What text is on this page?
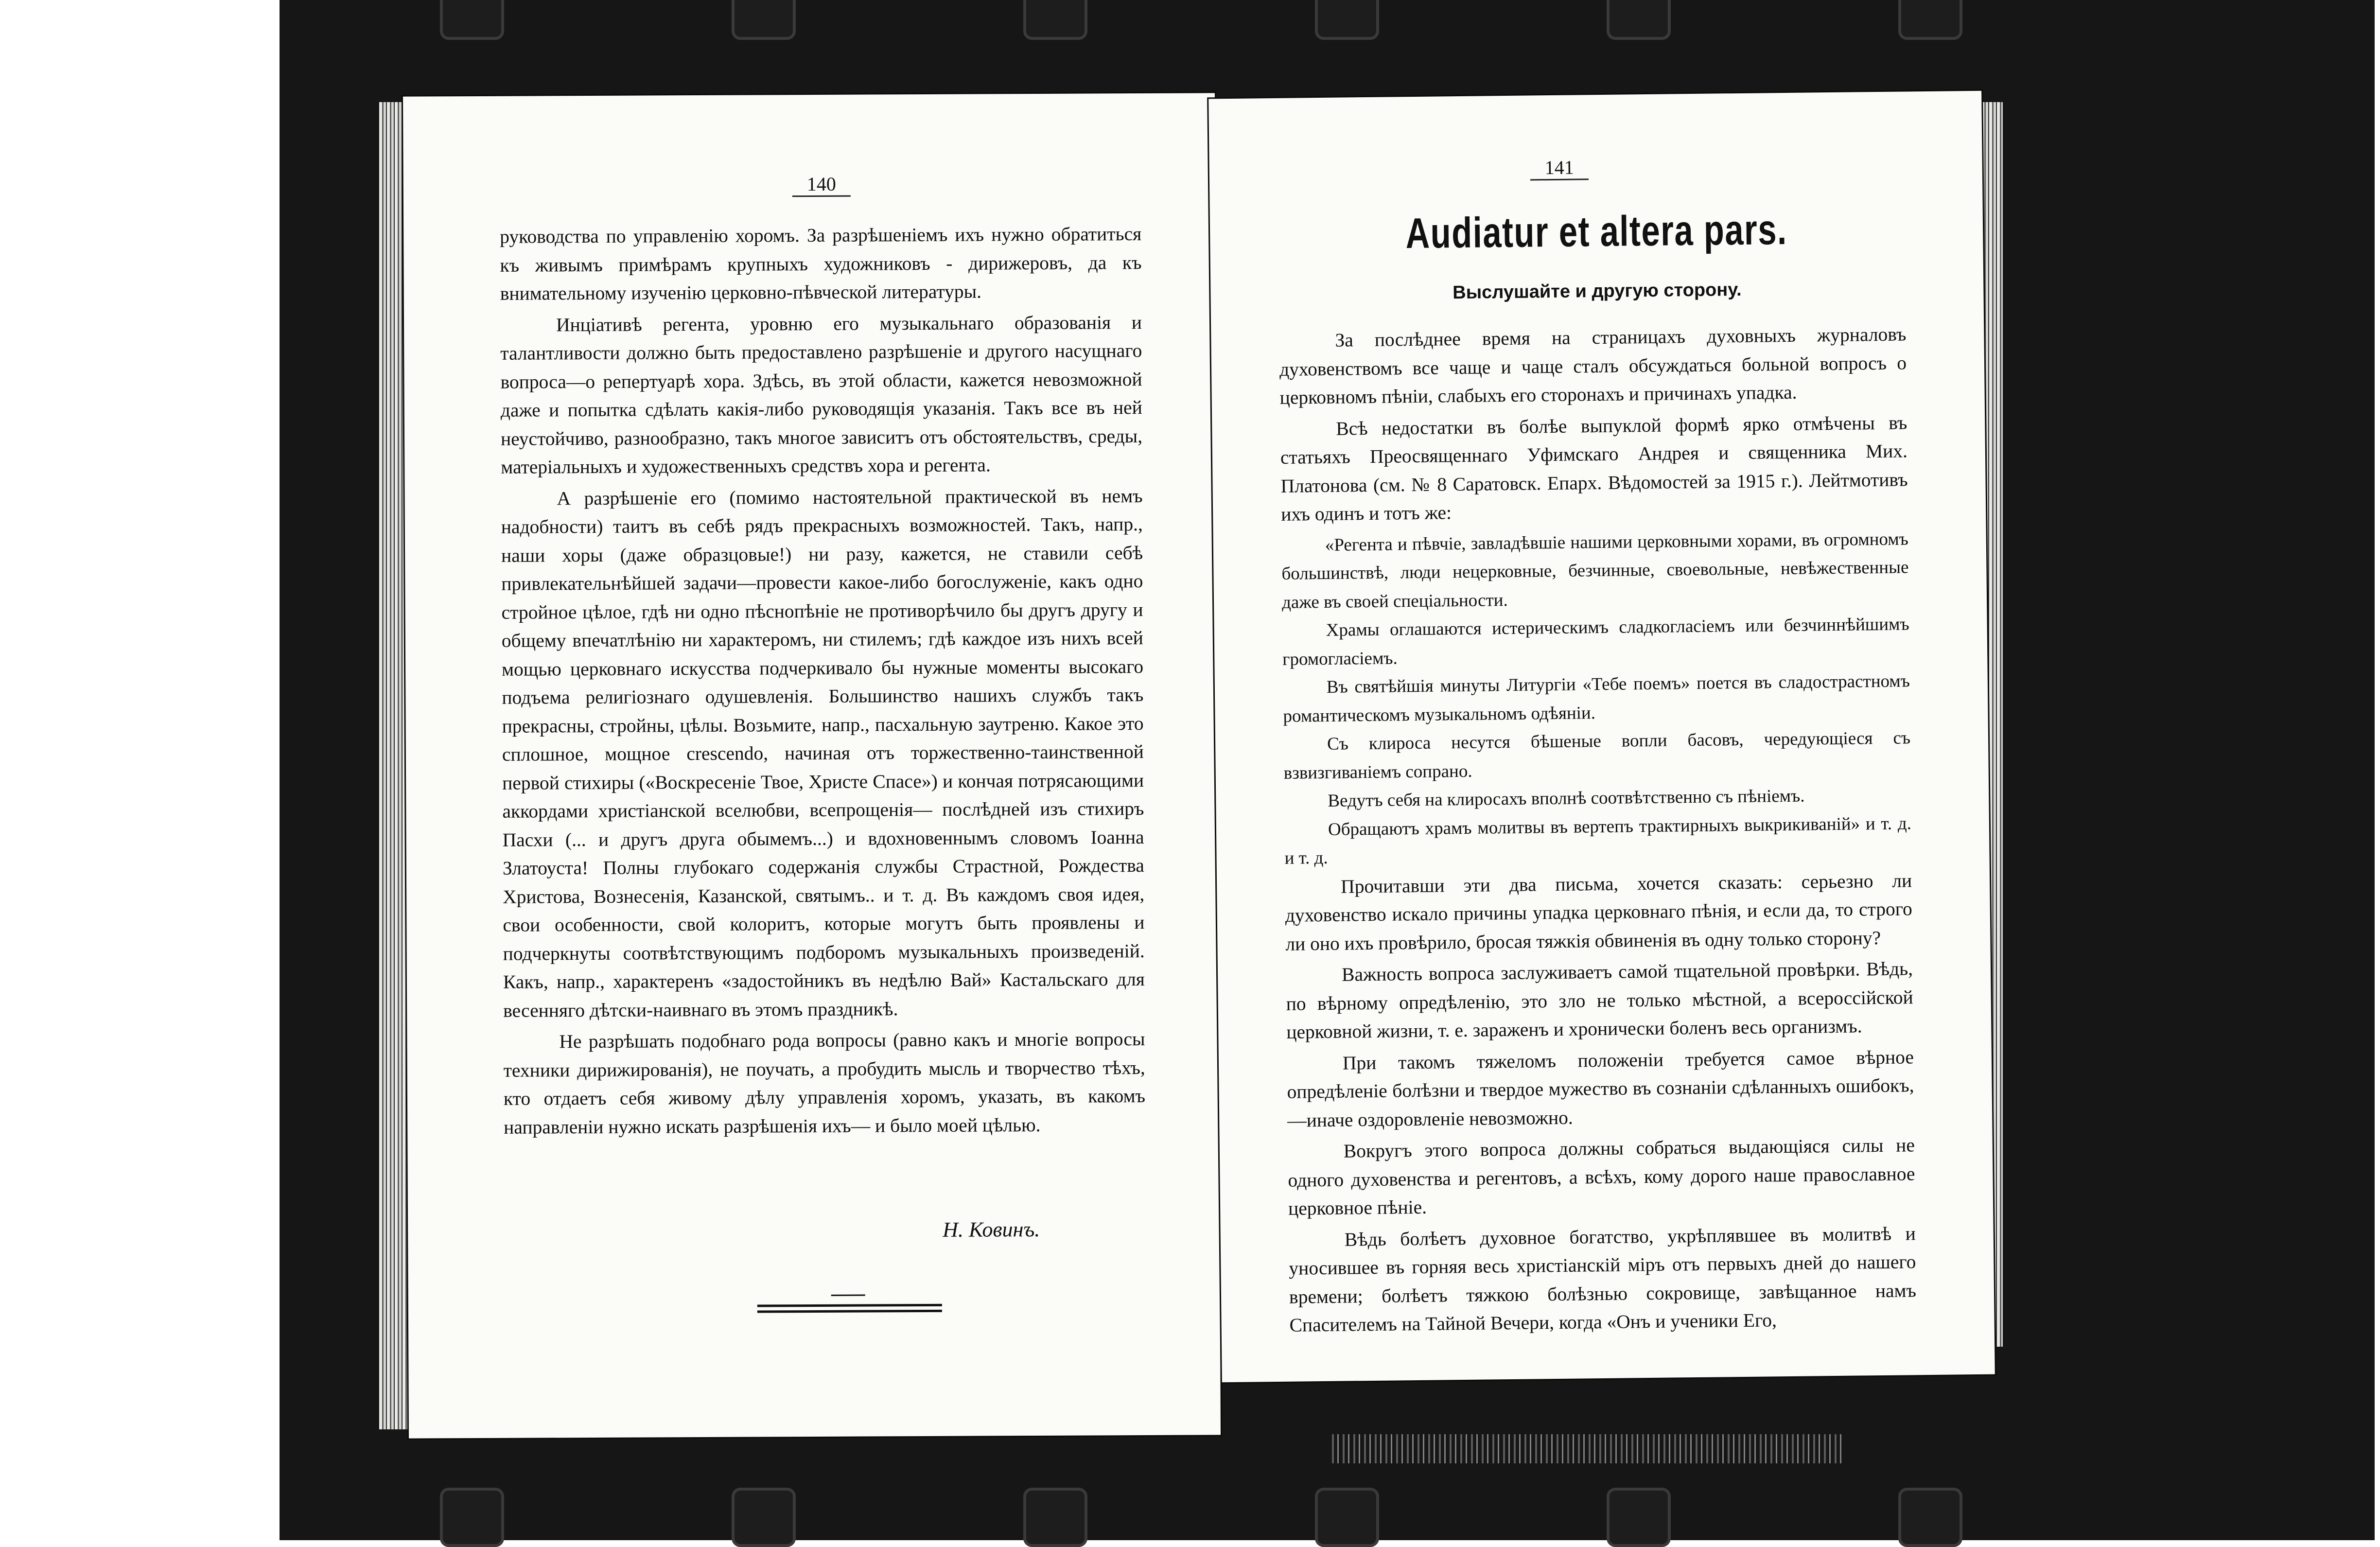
140

руководства по управленію хоромъ. За разрѣшеніемъ ихъ нужно обратиться къ живымъ примѣрамъ крупныхъ художниковъ - дирижеровъ, да къ внимательному изученію церковно-пѣвческой литературы.

Инціативѣ регента, уровню его музыкальнаго образованія и талантливости должно быть предоставлено разрѣшеніе и другого насущнаго вопроса—о репертуарѣ хора. Здѣсь, въ этой области, кажется невозможной даже и попытка сдѣлать какія-либо руководящія указанія. Такъ все въ ней неустойчиво, разнообразно, такъ многое зависитъ отъ обстоятельствъ, среды, матеріальныхъ и художественныхъ средствъ хора и регента.

А разрѣшеніе его (помимо настоятельной практической въ немъ надобности) таитъ въ себѣ рядъ прекрасныхъ возможностей. Такъ, напр., наши хоры (даже образцовые!) ни разу, кажется, не ставили себѣ привлекательнѣйшей задачи—провести какое-либо богослуженіе, какъ одно стройное цѣлое, гдѣ ни одно пѣснопѣніе не противорѣчило бы другъ другу и общему впечатлѣнію ни характеромъ, ни стилемъ; гдѣ каждое изъ нихъ всей мощью церковнаго искусства подчеркивало бы нужные моменты высокаго подъема религіознаго одушевленія. Большинство нашихъ службъ такъ прекрасны, стройны, цѣлы. Возьмите, напр., пасхальную заутреню. Какое это сплошное, мощное crescendo, начиная отъ торжественно-таинственной первой стихиры («Воскресеніе Твое, Христе Спасе») и кончая потрясающими аккордами христіанской вселюбви, всепрощенія— послѣдней изъ стихиръ Пасхи (... и другъ друга обымемъ...) и вдохновеннымъ словомъ Іоанна Златоуста! Полны глубокаго содержанія службы Страстной, Рождества Христова, Вознесенія, Казанской, святымъ.. и т. д. Въ каждомъ своя идея, свои особенности, свой колоритъ, которые могутъ быть проявлены и подчеркнуты соотвѣтствующимъ подборомъ музыкальныхъ произведеній. Какъ, напр., характеренъ «задостойникъ въ недѣлю Вай» Кастальскаго для весенняго дѣтски-наивнаго въ этомъ праздникѣ.

Не разрѣшать подобнаго рода вопросы (равно какъ и многіе вопросы техники дирижированія), не поучать, а пробудить мысль и творчество тѣхъ, кто отдаетъ себя живому дѣлу управленія хоромъ, указать, въ какомъ направленіи нужно искать разрѣшенія ихъ— и было моей цѣлью.

Н. Ковинъ.
141
Audiatur et altera pars.
Выслушайте и другую сторону.

За послѣднее время на страницахъ духовныхъ журналовъ духовенствомъ все чаще и чаще сталъ обсуждаться больной вопросъ о церковномъ пѣніи, слабыхъ его сторонахъ и причинахъ упадка.

Всѣ недостатки въ болѣе выпуклой формѣ ярко отмѣчены въ статьяхъ Преосвященнаго Уфимскаго Андрея и священника Мих. Платонова (см. № 8 Саратовск. Епарх. Вѣдомостей за 1915 г.). Лейтмотивъ ихъ одинъ и тотъ же:

«Регента и пѣвчіе, завладѣвшіе нашими церковными хорами, въ огромномъ большинствѣ, люди нецерковные, безчинные, своевольные, невѣжественные даже въ своей спеціальности.

Храмы оглашаются истерическимъ сладкогласіемъ или безчиннѣйшимъ громогласіемъ.

Въ святѣйшія минуты Литургіи «Тебе поемъ» поется въ сладострастномъ романтическомъ музыкальномъ одѣяніи.

Съ клироса несутся бѣшеные вопли басовъ, чередующіеся съ взвизгиваніемъ сопрано.

Ведутъ себя на клиросахъ вполнѣ соотвѣтственно съ пѣніемъ.

Обращаютъ храмъ молитвы въ вертепъ трактирныхъ выкрикиваній» и т. д. и т. д.

Прочитавши эти два письма, хочется сказать: серьезно ли духовенство искало причины упадка церковнаго пѣнія, и если да, то строго ли оно ихъ провѣрило, бросая тяжкія обвиненія въ одну только сторону?

Важность вопроса заслуживаетъ самой тщательной провѣрки. Вѣдь, по вѣрному опредѣленію, это зло не только мѣстной, а всероссійской церковной жизни, т. е. зараженъ и хронически боленъ весь организмъ.

При такомъ тяжеломъ положеніи требуется самое вѣрное опредѣленіе болѣзни и твердое мужество въ сознаніи сдѣланныхъ ошибокъ,—иначе оздоровленіе невозможно.

Вокругъ этого вопроса должны собраться выдающіяся силы не одного духовенства и регентовъ, а всѣхъ, кому дорого наше православное церковное пѣніе.

Вѣдь болѣетъ духовное богатство, укрѣплявшее въ молитвѣ и уносившее въ горняя весь христіанскій міръ отъ первыхъ дней до нашего времени; болѣетъ тяжкою болѣзнью сокровище, завѣщанное намъ Спасителемъ на Тайной Вечери, когда «Онъ и ученики Его,
